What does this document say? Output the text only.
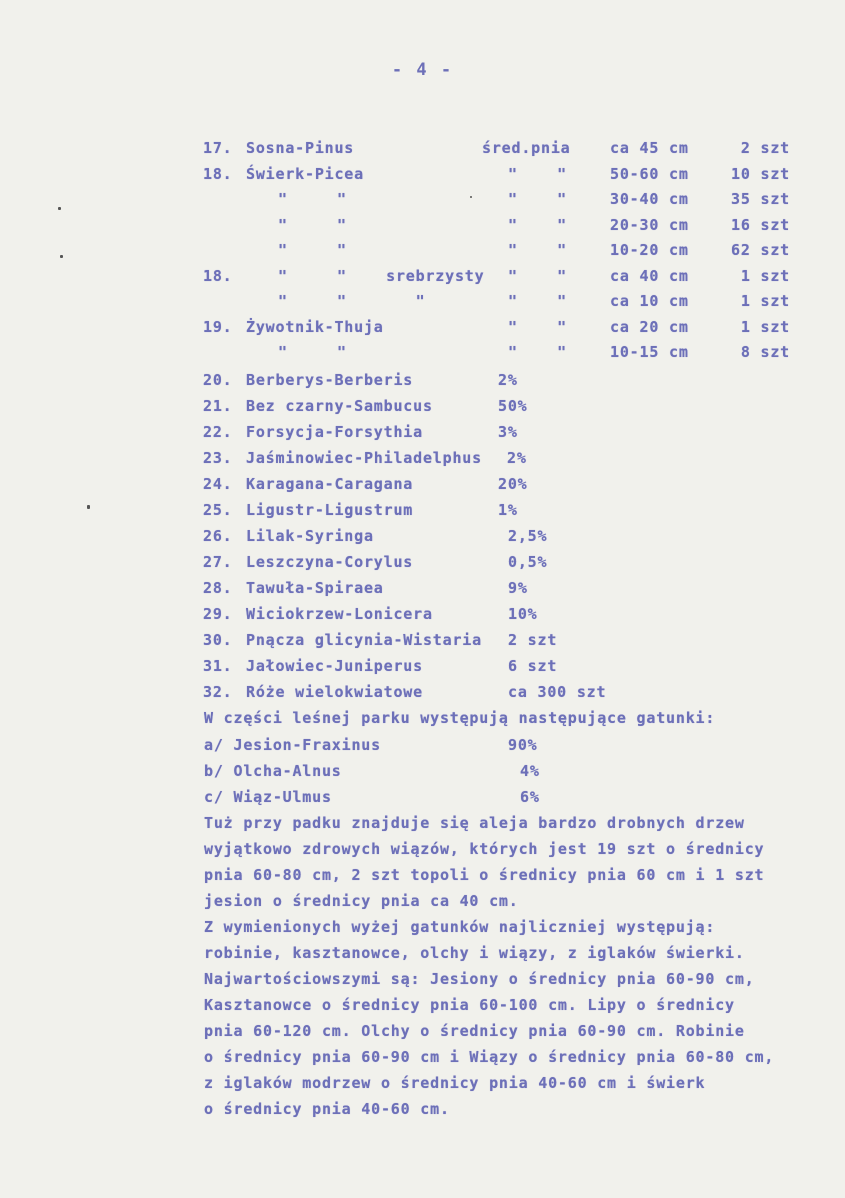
- 4 -
17. Sosna-Pinus	śred.pnia	ca 45 cm	2 szt
18. Świerk-Picea	"    "	50-60 cm	10 szt
"     "	"    "	30-40 cm	35 szt
"     "	"    "	20-30 cm	16 szt
"     "	"    "	10-20 cm	62 szt
18.	"     "    srebrzysty "    "	ca 40 cm	1 szt
"     "       "	"    "	ca 10 cm	1 szt
19. Żywotnik-Thuja	"    "	ca 20 cm	1 szt
"     "	"    "	10-15 cm	8 szt
20. Berberys-Berberis	2%
21. Bez czarny-Sambucus	50%
22. Forsycja-Forsythia	3%
23. Jaśminowiec-Philadelphus 2%
24. Karagana-Caragana	20%
25. Ligustr-Ligustrum	1%
26. Lilak-Syringa	2,5%
27. Leszczyna-Corylus	0,5%
28. Tawuła-Spiraea	9%
29. Wiciokrzew-Lonicera	10%
30. Pnącza glicynia-Wistaria 2 szt
31. Jałowiec-Juniperus	6 szt
32. Róże wielokwiatowe	ca 300 szt
W części leśnej parku występują następujące gatunki:
a/ Jesion-Fraxinus	90%
b/ Olcha-Alnus	4%
c/ Wiąz-Ulmus	6%
Tuż przy padku znajduje się aleja bardzo drobnych drzew
wyjątkowo zdrowych wiązów, których jest 19 szt o średnicy
pnia 60-80 cm, 2 szt topoli o średnicy pnia 60 cm i 1 szt
jesion o średnicy pnia ca 40 cm.
Z wymienionych wyżej gatunków najliczniej występują:
robinie, kasztanowce, olchy i wiązy, z iglaków świerki.
Najwartościowszymi są: Jesiony o średnicy pnia 60-90 cm,
Kasztanowce o średnicy pnia 60-100 cm. Lipy o średnicy
pnia 60-120 cm. Olchy o średnicy pnia 60-90 cm. Robinie
o średnicy pnia 60-90 cm i Wiązy o średnicy pnia 60-80 cm,
z iglaków modrzew o średnicy pnia 40-60 cm i świerk
o średnicy pnia 40-60 cm.
